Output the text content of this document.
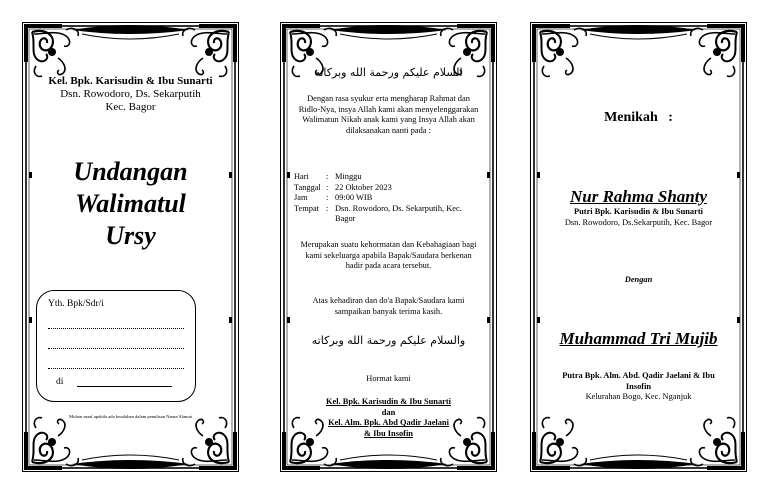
Kel. Bpk. Karisudin & Ibu Sunarti
Dsn. Rowodoro, Ds. Sekarputih
Kec. Bagor
Undangan
Walimatul
Ursy
Yth. Bpk/Sdr/i
di
Mohon maaf apabila ada kesalahan dalam penulisan Nama/Alamat
السلام عليكم ورحمة الله وبركاته
Dengan rasa syukur erta mengharap Rahmat dan Ridlo-Nya, insya Allah kami akan menyelenggarakan Walimatun Nikah anak kami yang Insya Allah akan dilaksanakan nanti pada :
Hari	:	Minggu
Tanggal	:	22 Oktober 2023
Jam	:	09:00 WIB
Tempat	:	Dsn. Rowodoro, Ds. Sekarputih, Kec. Bagor
Merupakan suatu kehormatan dan Kebahagiaan bagi kami sekeluarga apabila Bapak/Saudara berkenan hadir pada acara tersebut.
Atas kehadiran dan do'a Bapak/Saudara kami sampaikan banyak terima kasih.
والسلام عليكم ورحمة الله وبركاته
Hormat kami
Kel. Bpk. Karisudin & Ibu Sunarti
dan
Kel. Alm. Bpk. Abd Qadir Jaelani
& Ibu Insofin
Menikah   :
Nur Rahma Shanty
Putri Bpk. Karisudin & Ibu Sunarti
Dsn. Rowodoro, Ds.Sekarputih, Kec. Bagor
Dengan
Muhammad Tri Mujib
Putra Bpk. Alm. Abd. Qadir Jaelani & Ibu Insofin
Kelurahan Bogo, Kec. Nganjuk
